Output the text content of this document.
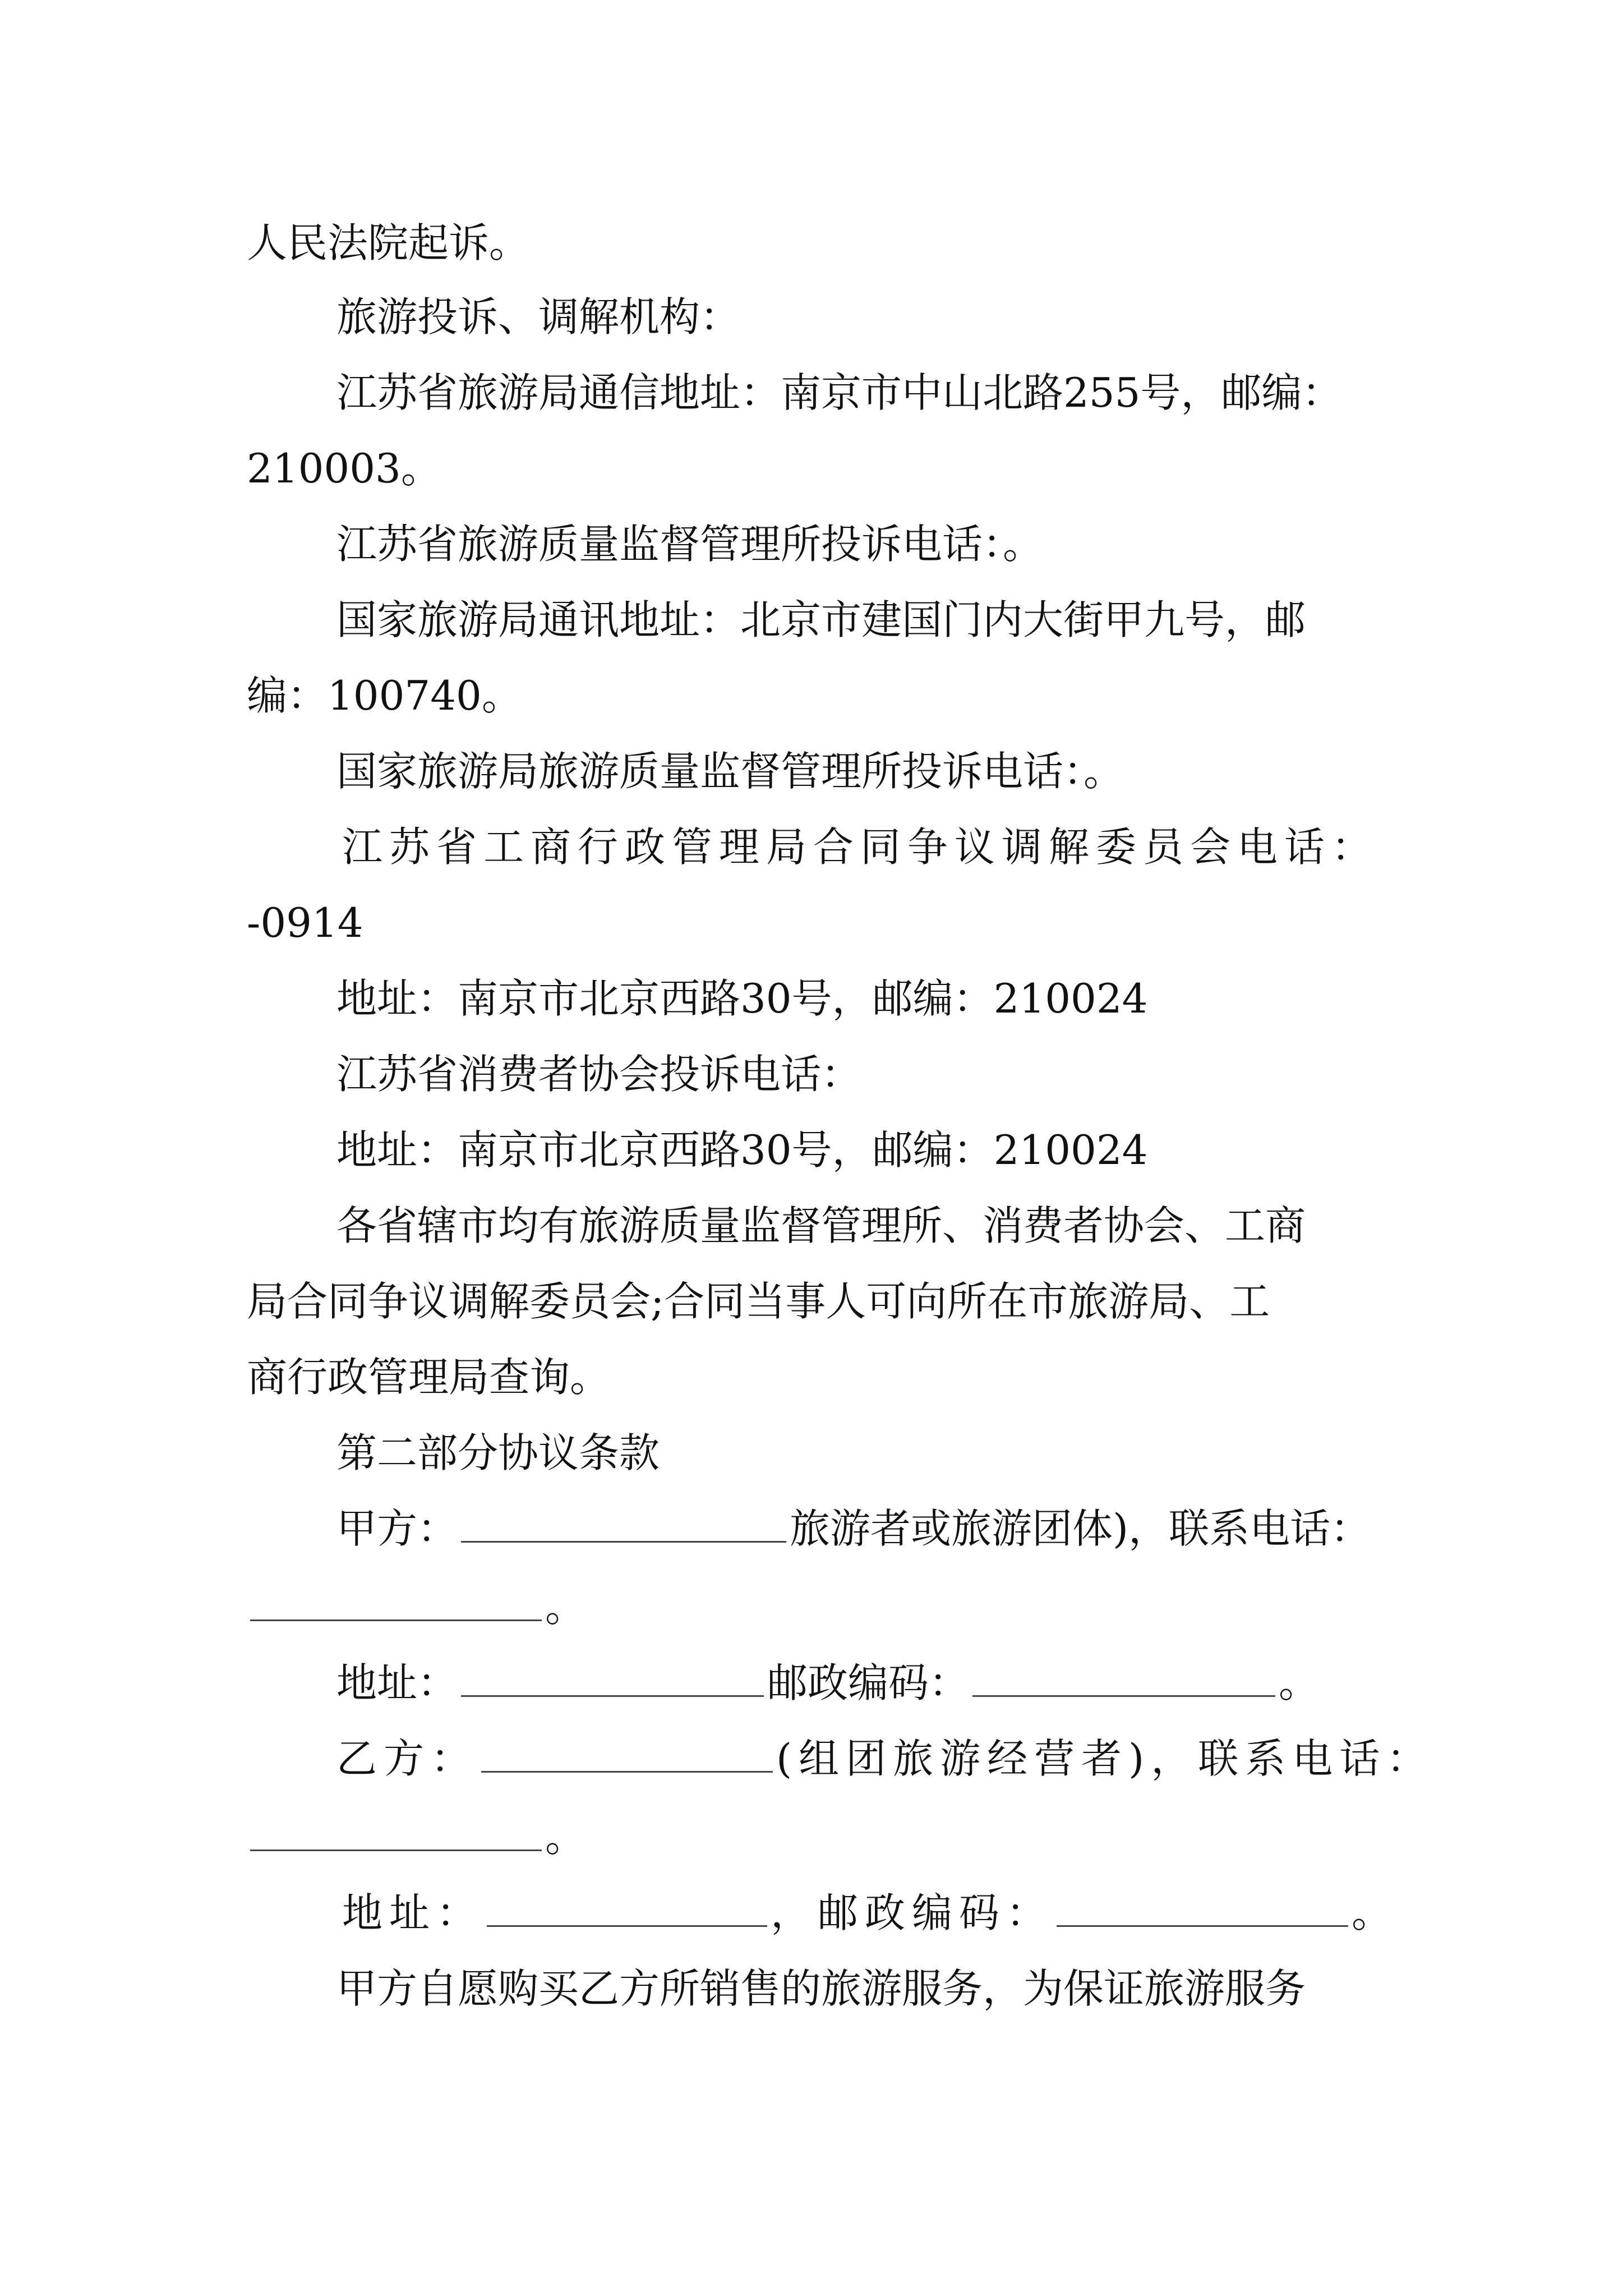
人民法院起诉。
旅游投诉、调解机构：
江苏省旅游局通信地址：南京市中山北路255号，邮编：
210003。
江苏省旅游质量监督管理所投诉电话：。
国家旅游局通讯地址：北京市建国门内大街甲九号，邮
编：100740。
国家旅游局旅游质量监督管理所投诉电话：。
江苏省工商行政管理局合同争议调解委员会电话：
-0914
地址：南京市北京西路30号，邮编：210024
江苏省消费者协会投诉电话：
地址：南京市北京西路30号，邮编：210024
各省辖市均有旅游质量监督管理所、消费者协会、工商
局合同争议调解委员会;合同当事人可向所在市旅游局、工
商行政管理局查询。
第二部分协议条款
甲方：	旅游者或旅游团体)，联系电话：
。
地址：	邮政编码：	。
乙方：	(组团旅游经营者)，联系电话：
。
地址：	，邮政编码：	。
甲方自愿购买乙方所销售的旅游服务，为保证旅游服务
